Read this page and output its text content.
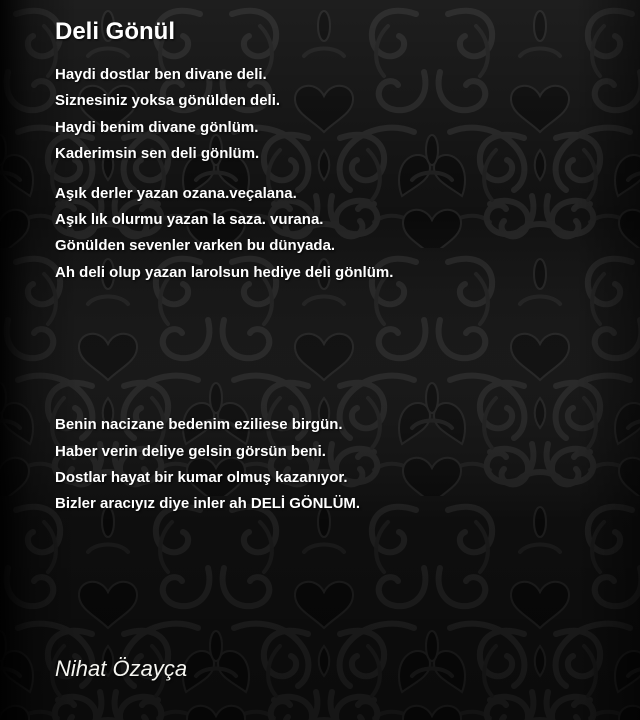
Deli Gönül

Haydi dostlar ben divane deli.

Siznesiniz yoksa gönülden deli.

Haydi benim divane gönlüm.

Kaderimsin sen deli gönlüm.

Aşık derler yazan ozana.veçalana.

Aşık lık olurmu yazan la saza. vurana.

Gönülden sevenler varken bu dünyada.

Ah deli olup yazan larolsun hediye deli gönlüm.

Benin nacizane bedenim eziliese birgün.

Haber verin deliye gelsin görsün beni.

Dostlar hayat bir kumar olmuş kazanıyor.

Bizler aracıyız diye inler ah DELİ GÖNLÜM.

Nihat Özayça
